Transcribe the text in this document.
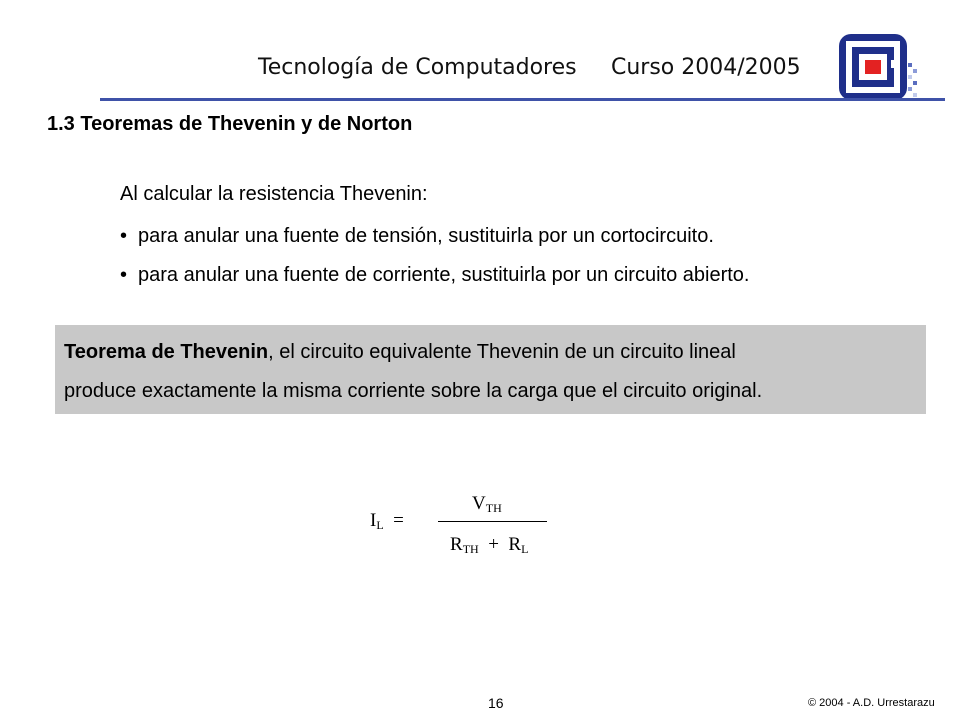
Tecnología de Computadores Curso 2004/2005
1.3 Teoremas de Thevenin y de Norton
Al calcular la resistencia Thevenin:
• para anular una fuente de tensión, sustituirla por un cortocircuito.
• para anular una fuente de corriente, sustituirla por un circuito abierto.
Teorema de Thevenin, el circuito equivalente Thevenin de un circuito lineal
produce exactamente la misma corriente sobre la carga que el circuito original.
$I_L$ =
$V_{TH}$
$R_{TH} + R_L$
16	© 2004 - A.D. Urrestarazu
